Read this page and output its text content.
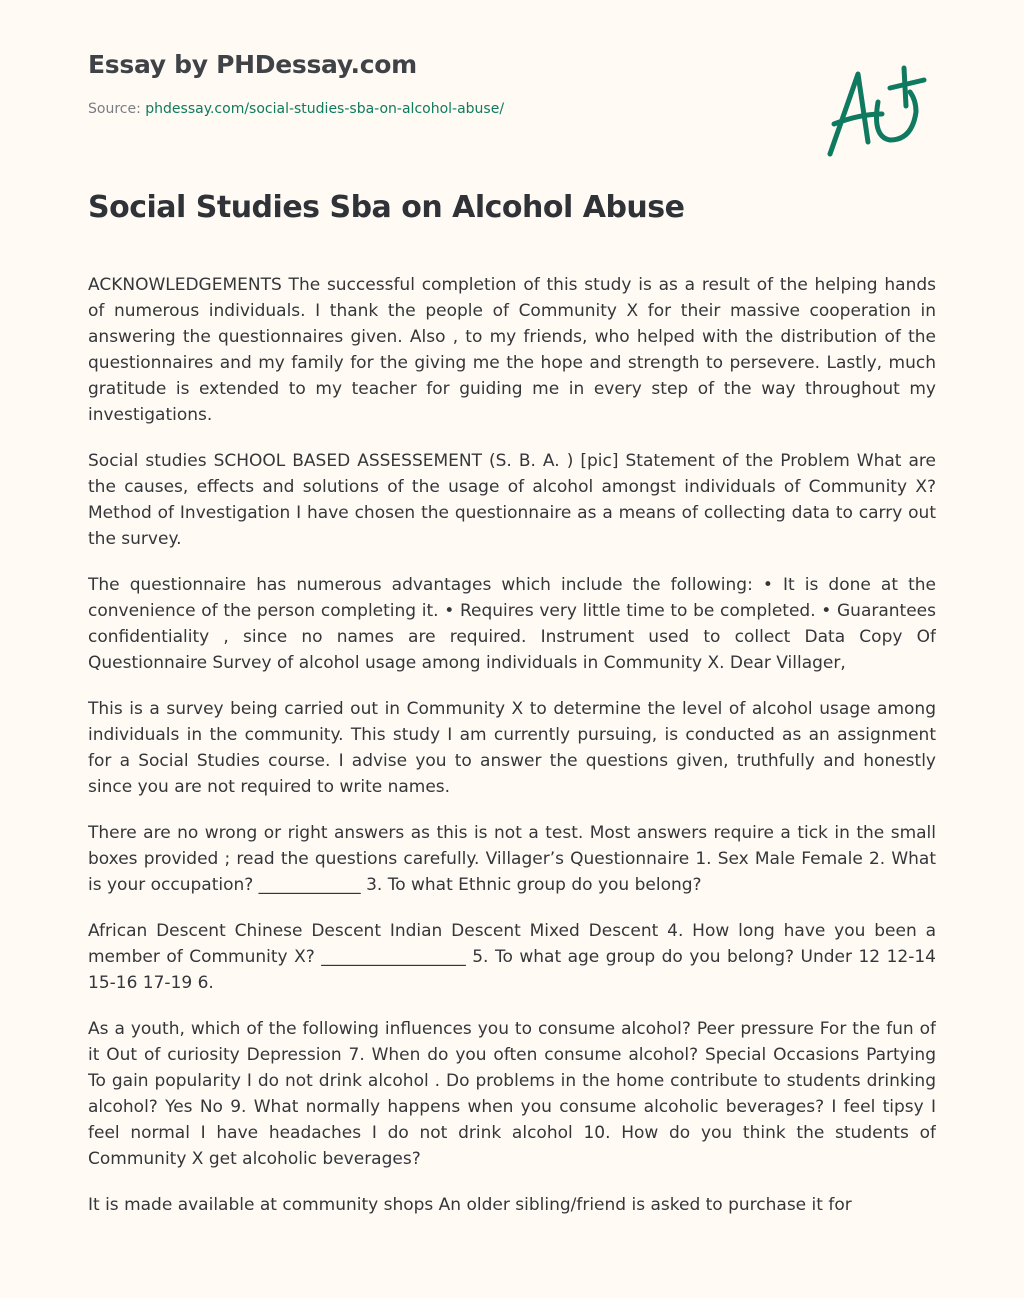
Essay by PHDessay.com
Source: phdessay.com/social-studies-sba-on-alcohol-abuse/
Social Studies Sba on Alcohol Abuse

ACKNOWLEDGEMENTS The successful completion of this study is as a result of the helping hands of numerous individuals. I thank the people of Community X for their massive cooperation in answering the questionnaires given. Also , to my friends, who helped with the distribution of the questionnaires and my family for the giving me the hope and strength to persevere. Lastly, much gratitude is extended to my teacher for guiding me in every step of the way throughout my investigations.

Social studies SCHOOL BASED ASSESSEMENT (S. B. A. ) [pic] Statement of the Problem What are the causes, effects and solutions of the usage of alcohol amongst individuals of Community X? Method of Investigation I have chosen the questionnaire as a means of collecting data to carry out the survey.

The questionnaire has numerous advantages which include the following: • It is done at the convenience of the person completing it. • Requires very little time to be completed. • Guarantees confidentiality , since no names are required. Instrument used to collect Data Copy Of Questionnaire Survey of alcohol usage among individuals in Community X. Dear Villager,

This is a survey being carried out in Community X to determine the level of alcohol usage among individuals in the community. This study I am currently pursuing, is conducted as an assignment for a Social Studies course. I advise you to answer the questions given, truthfully and honestly since you are not required to write names.

There are no wrong or right answers as this is not a test. Most answers require a tick in the small boxes provided ; read the questions carefully. Villager’s Questionnaire 1. Sex Male Female 2. What is your occupation? ____________ 3. To what Ethnic group do you belong?

African Descent Chinese Descent Indian Descent Mixed Descent 4. How long have you been a member of Community X? _________________ 5. To what age group do you belong? Under 12 12-14 15-16 17-19 6.

As a youth, which of the following influences you to consume alcohol? Peer pressure For the fun of it Out of curiosity Depression 7. When do you often consume alcohol? Special Occasions Partying To gain popularity I do not drink alcohol . Do problems in the home contribute to students drinking alcohol? Yes No 9. What normally happens when you consume alcoholic beverages? I feel tipsy I feel normal I have headaches I do not drink alcohol 10. How do you think the students of Community X get alcoholic beverages?

It is made available at community shops An older sibling/friend is asked to purchase it for
